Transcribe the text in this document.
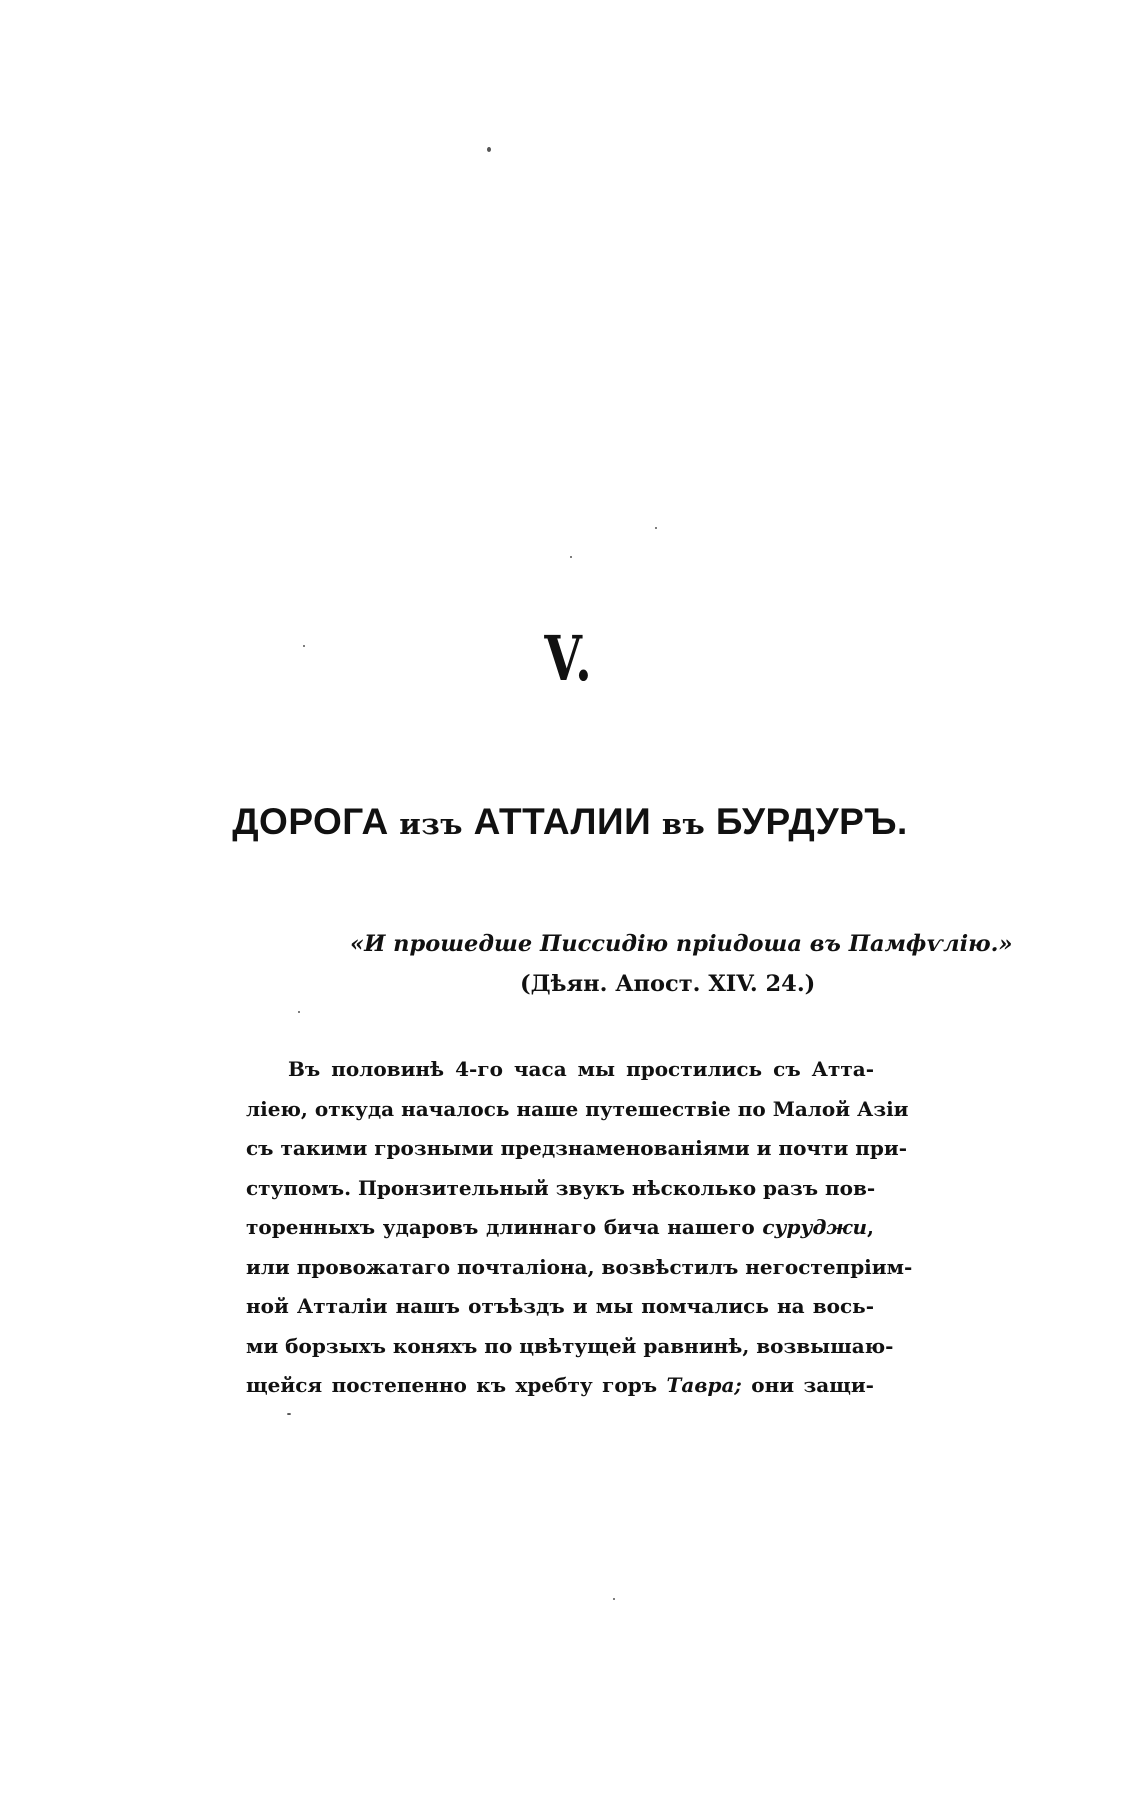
V.
ДОРОГА изъ АТТАЛИИ въ БУРДУРЪ.
«И прошедше Писсидію пріидоша въ Памфѵлію.»
(Дѣян. Апост. XIV. 24.)
Въ половинѣ 4-го часа мы простились съ Атта-
ліею, откуда началось наше путешествіе по Малой Азіи
съ такими грозными предзнаменованіями и почти при-
ступомъ. Пронзительный звукъ нѣсколько разъ пов-
торенныхъ ударовъ длиннаго бича нашего суруджи,
или провожатаго почталіона, возвѣстилъ негостепріим-
ной Атталіи нашъ отъѣздъ и мы помчались на вось-
ми борзыхъ коняхъ по цвѣтущей равнинѣ, возвышаю-
щейся постепенно къ хребту горъ Тавра; они защи-
